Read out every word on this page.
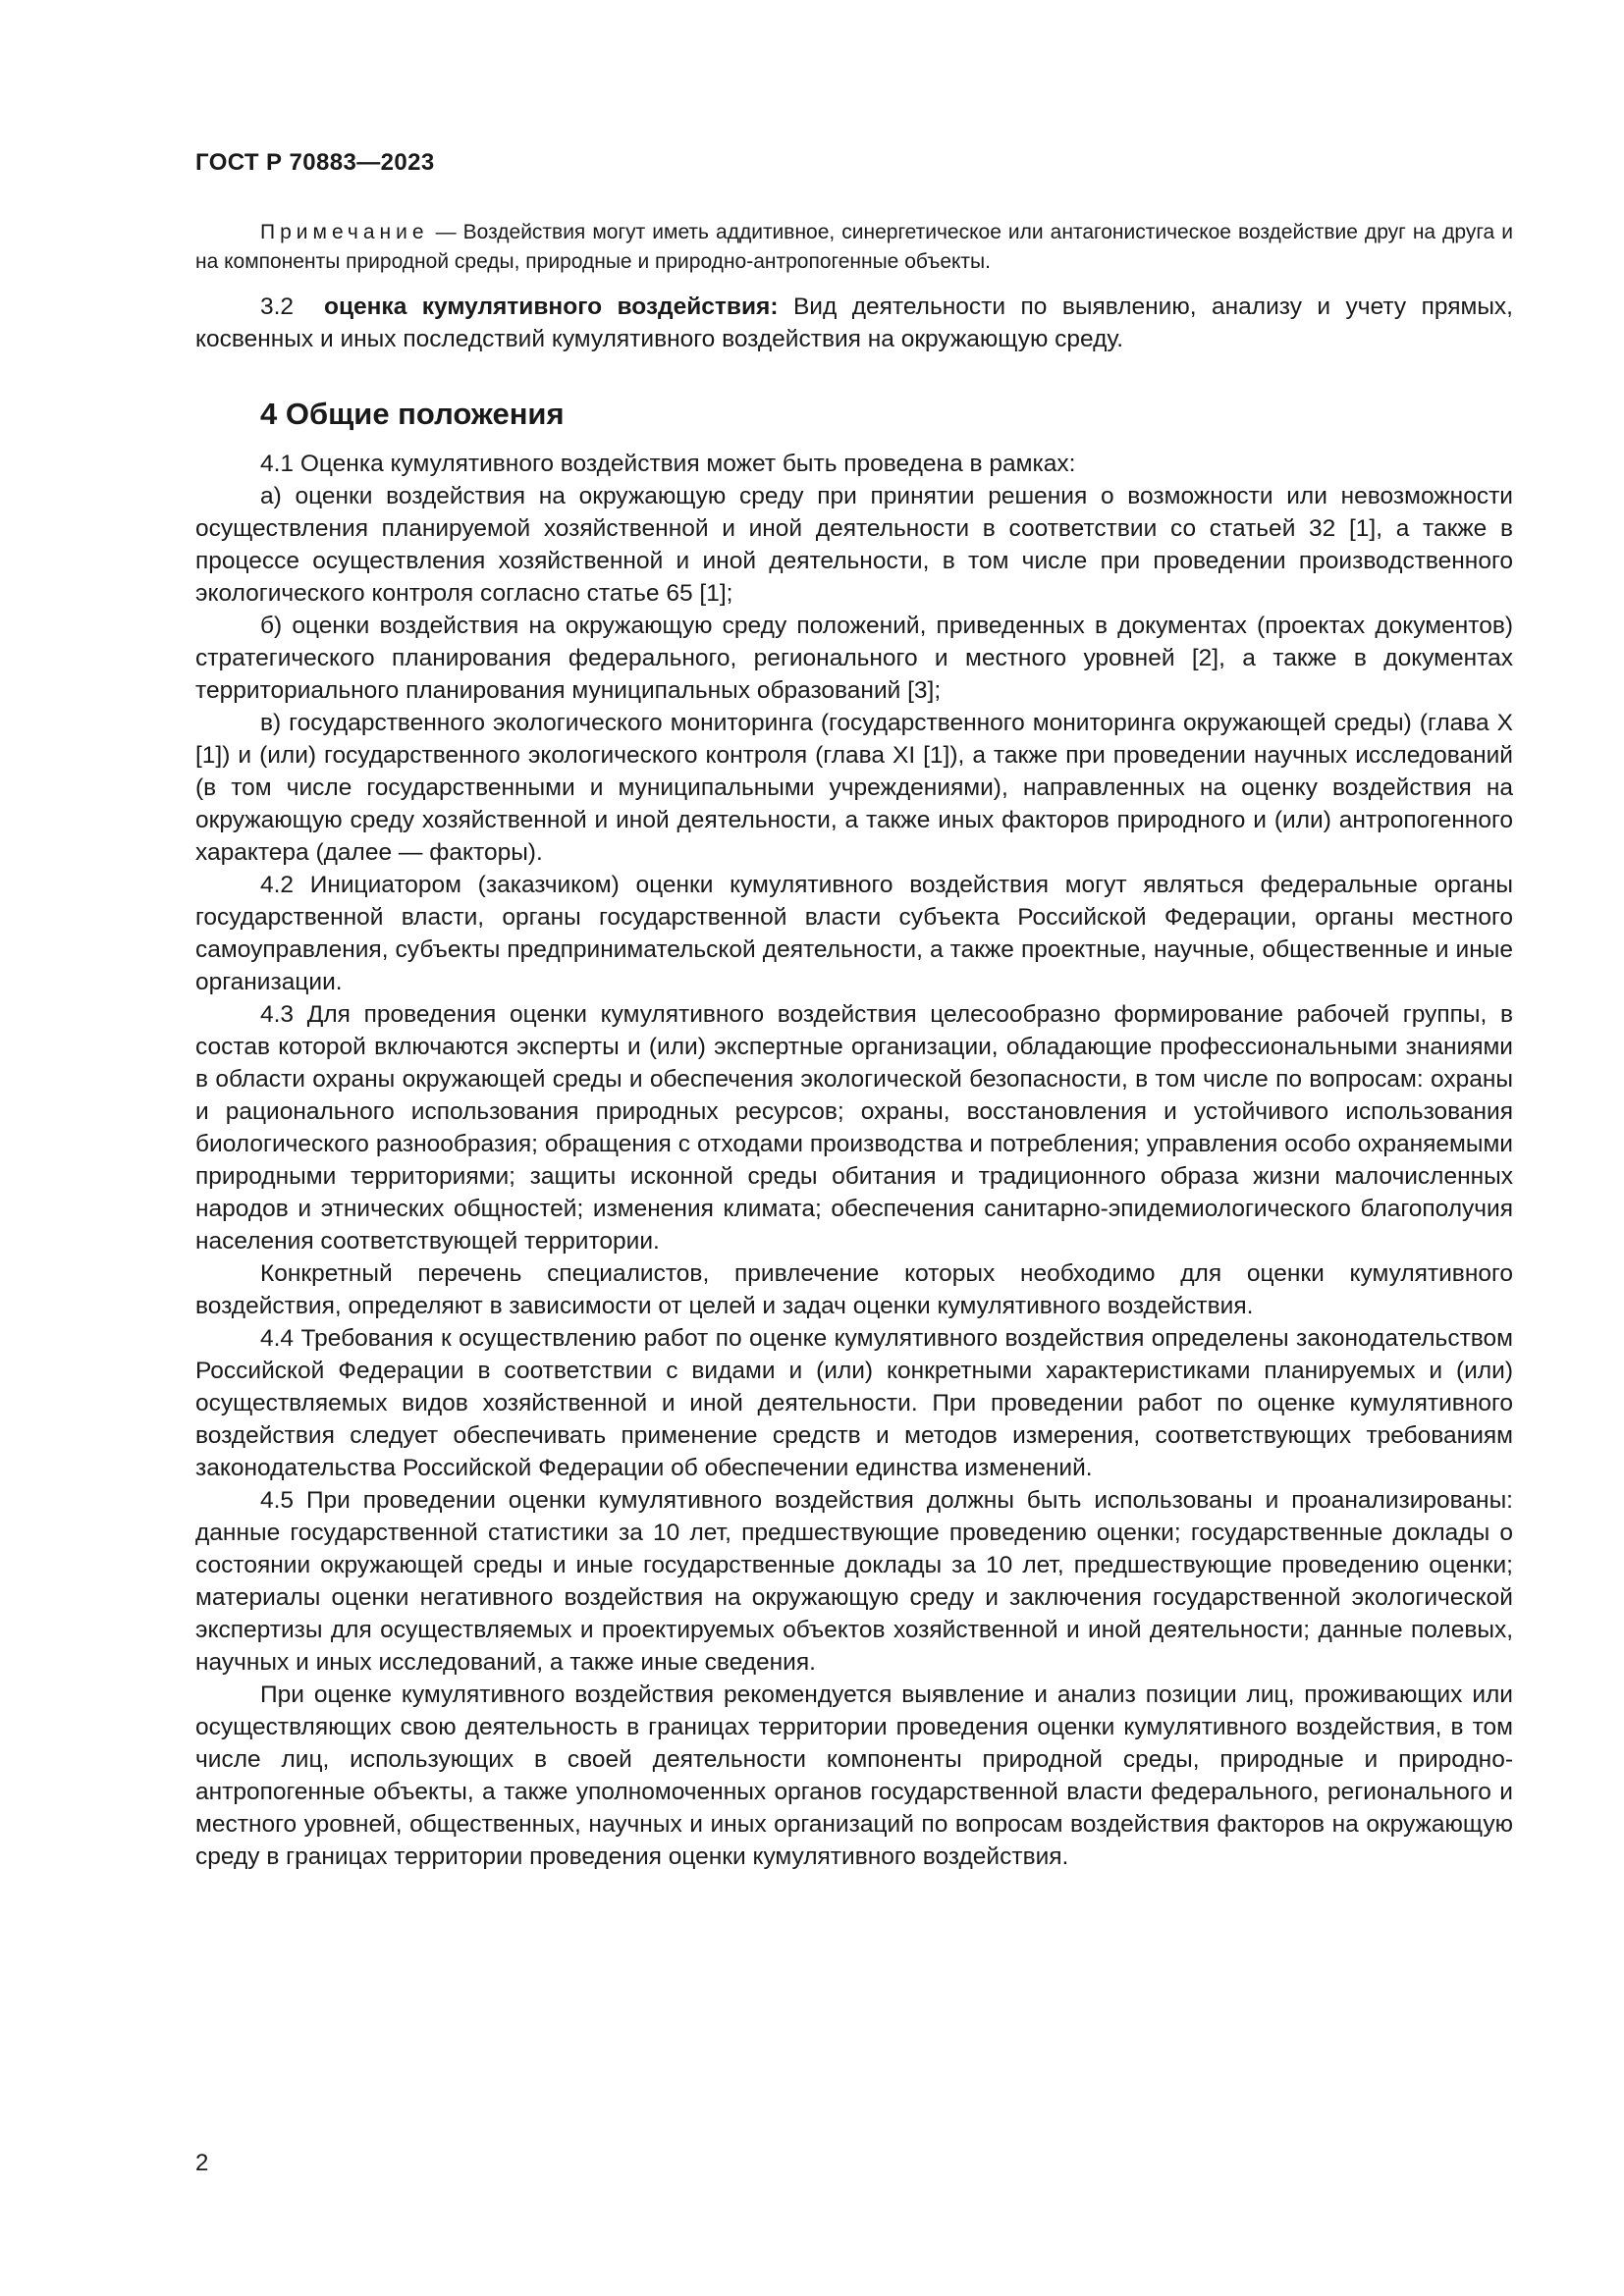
ГОСТ Р 70883—2023

Примечание — Воздействия могут иметь аддитивное, синергетическое или антагонистическое воздействие друг на друга и на компоненты природной среды, природные и природно-антропогенные объекты.

3.2 оценка кумулятивного воздействия: Вид деятельности по выявлению, анализу и учету прямых, косвенных и иных последствий кумулятивного воздействия на окружающую среду.

4 Общие положения

4.1 Оценка кумулятивного воздействия может быть проведена в рамках:

а) оценки воздействия на окружающую среду при принятии решения о возможности или невозможности осуществления планируемой хозяйственной и иной деятельности в соответствии со статьей 32 [1], а также в процессе осуществления хозяйственной и иной деятельности, в том числе при проведении производственного экологического контроля согласно статье 65 [1];

б) оценки воздействия на окружающую среду положений, приведенных в документах (проектах документов) стратегического планирования федерального, регионального и местного уровней [2], а также в документах территориального планирования муниципальных образований [3];

в) государственного экологического мониторинга (государственного мониторинга окружающей среды) (глава X [1]) и (или) государственного экологического контроля (глава XI [1]), а также при проведении научных исследований (в том числе государственными и муниципальными учреждениями), направленных на оценку воздействия на окружающую среду хозяйственной и иной деятельности, а также иных факторов природного и (или) антропогенного характера (далее — факторы).

4.2 Инициатором (заказчиком) оценки кумулятивного воздействия могут являться федеральные органы государственной власти, органы государственной власти субъекта Российской Федерации, органы местного самоуправления, субъекты предпринимательской деятельности, а также проектные, научные, общественные и иные организации.

4.3 Для проведения оценки кумулятивного воздействия целесообразно формирование рабочей группы, в состав которой включаются эксперты и (или) экспертные организации, обладающие профессиональными знаниями в области охраны окружающей среды и обеспечения экологической безопасности, в том числе по вопросам: охраны и рационального использования природных ресурсов; охраны, восстановления и устойчивого использования биологического разнообразия; обращения с отходами производства и потребления; управления особо охраняемыми природными территориями; защиты исконной среды обитания и традиционного образа жизни малочисленных народов и этнических общностей; изменения климата; обеспечения санитарно-эпидемиологического благополучия населения соответствующей территории.

Конкретный перечень специалистов, привлечение которых необходимо для оценки кумулятивного воздействия, определяют в зависимости от целей и задач оценки кумулятивного воздействия.

4.4 Требования к осуществлению работ по оценке кумулятивного воздействия определены законодательством Российской Федерации в соответствии с видами и (или) конкретными характеристиками планируемых и (или) осуществляемых видов хозяйственной и иной деятельности. При проведении работ по оценке кумулятивного воздействия следует обеспечивать применение средств и методов измерения, соответствующих требованиям законодательства Российской Федерации об обеспечении единства изменений.

4.5 При проведении оценки кумулятивного воздействия должны быть использованы и проанализированы: данные государственной статистики за 10 лет, предшествующие проведению оценки; государственные доклады о состоянии окружающей среды и иные государственные доклады за 10 лет, предшествующие проведению оценки; материалы оценки негативного воздействия на окружающую среду и заключения государственной экологической экспертизы для осуществляемых и проектируемых объектов хозяйственной и иной деятельности; данные полевых, научных и иных исследований, а также иные сведения.

При оценке кумулятивного воздействия рекомендуется выявление и анализ позиции лиц, проживающих или осуществляющих свою деятельность в границах территории проведения оценки кумулятивного воздействия, в том числе лиц, использующих в своей деятельности компоненты природной среды, природные и природно-антропогенные объекты, а также уполномоченных органов государственной власти федерального, регионального и местного уровней, общественных, научных и иных организаций по вопросам воздействия факторов на окружающую среду в границах территории проведения оценки кумулятивного воздействия.

2
